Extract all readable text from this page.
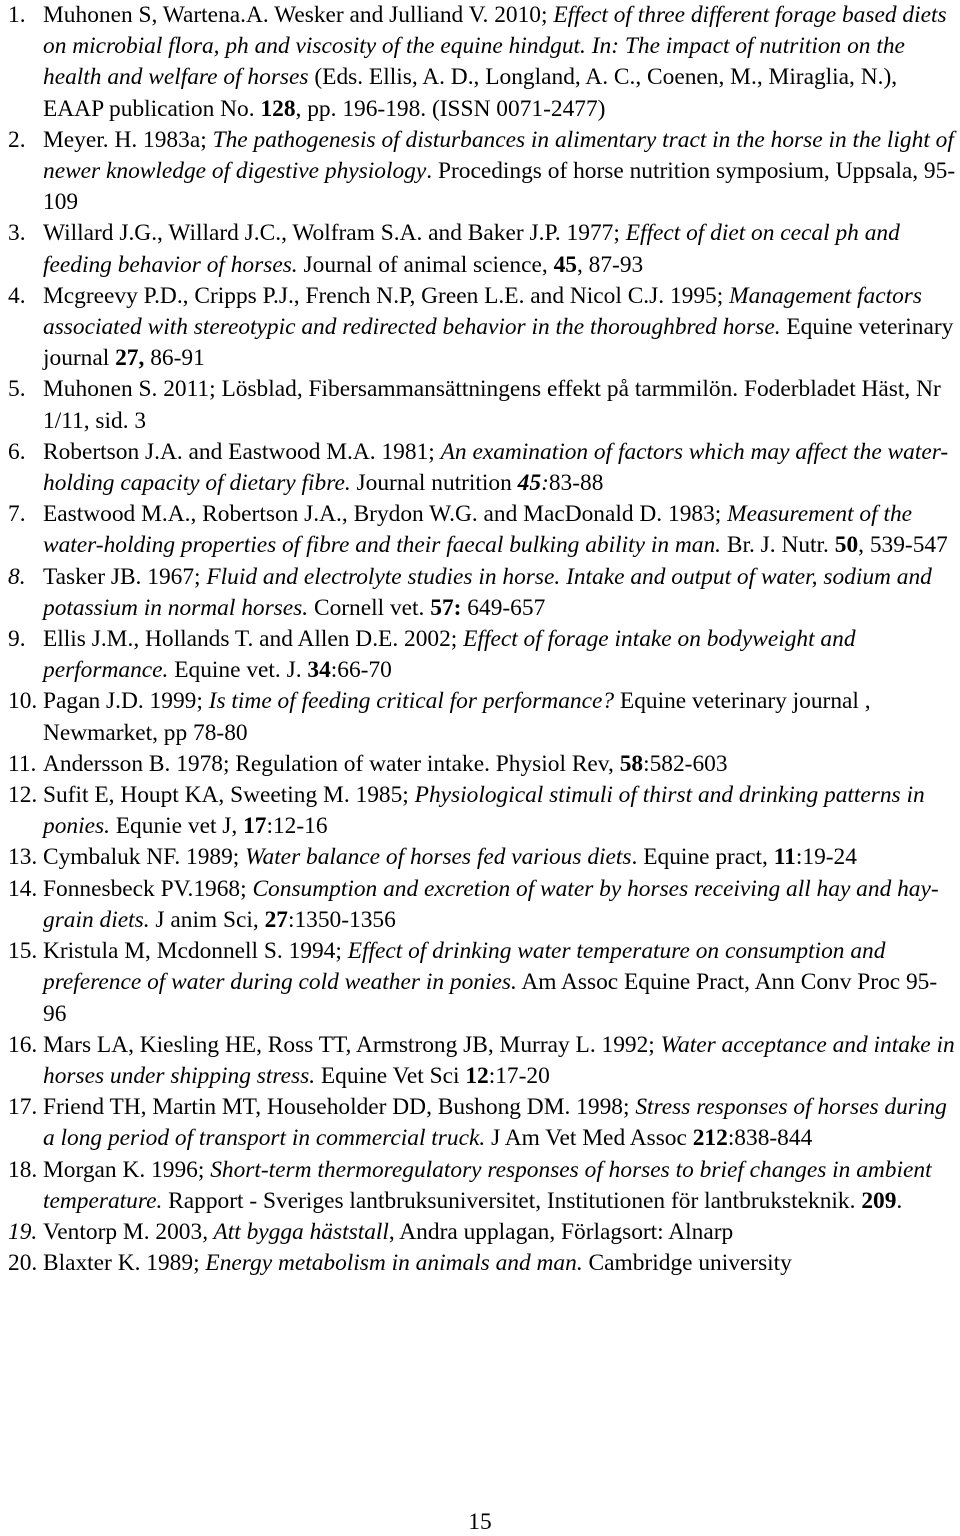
1. Muhonen S, Wartena.A. Wesker and Julliand V. 2010; Effect of three different forage based diets on microbial flora, ph and viscosity of the equine hindgut. In: The impact of nutrition on the health and welfare of horses (Eds. Ellis, A. D., Longland, A. C., Coenen, M., Miraglia, N.), EAAP publication No. 128, pp. 196-198. (ISSN 0071-2477)
2. Meyer. H. 1983a; The pathogenesis of disturbances in alimentary tract in the horse in the light of newer knowledge of digestive physiology. Procedings of horse nutrition symposium, Uppsala, 95-109
3. Willard J.G., Willard J.C., Wolfram S.A. and Baker J.P. 1977; Effect of diet on cecal ph and feeding behavior of horses. Journal of animal science, 45, 87-93
4. Mcgreevy P.D., Cripps P.J., French N.P, Green L.E. and Nicol C.J. 1995; Management factors associated with stereotypic and redirected behavior in the thoroughbred horse. Equine veterinary journal 27, 86-91
5. Muhonen S. 2011; Lösblad, Fibersammansättningens effekt på tarmmilön. Foderbladet Häst, Nr 1/11, sid. 3
6. Robertson J.A. and Eastwood M.A. 1981; An examination of factors which may affect the water-holding capacity of dietary fibre. Journal nutrition 45:83-88
7. Eastwood M.A., Robertson J.A., Brydon W.G. and MacDonald D. 1983; Measurement of the water-holding properties of fibre and their faecal bulking ability in man. Br. J. Nutr. 50, 539-547
8. Tasker JB. 1967; Fluid and electrolyte studies in horse. Intake and output of water, sodium and potassium in normal horses. Cornell vet. 57: 649-657
9. Ellis J.M., Hollands T. and Allen D.E. 2002; Effect of forage intake on bodyweight and performance. Equine vet. J. 34:66-70
10. Pagan J.D. 1999; Is time of feeding critical for performance? Equine veterinary journal , Newmarket, pp 78-80
11. Andersson B. 1978; Regulation of water intake. Physiol Rev, 58:582-603
12. Sufit E, Houpt KA, Sweeting M. 1985; Physiological stimuli of thirst and drinking patterns in ponies. Equnie vet J, 17:12-16
13. Cymbaluk NF. 1989; Water balance of horses fed various diets. Equine pract, 11:19-24
14. Fonnesbeck PV.1968; Consumption and excretion of water by horses receiving all hay and hay-grain diets. J anim Sci, 27:1350-1356
15. Kristula M, Mcdonnell S. 1994; Effect of drinking water temperature on consumption and preference of water during cold weather in ponies. Am Assoc Equine Pract, Ann Conv Proc 95-96
16. Mars LA, Kiesling HE, Ross TT, Armstrong JB, Murray L. 1992; Water acceptance and intake in horses under shipping stress. Equine Vet Sci 12:17-20
17. Friend TH, Martin MT, Householder DD, Bushong DM. 1998; Stress responses of horses during a long period of transport in commercial truck. J Am Vet Med Assoc 212:838-844
18. Morgan K. 1996; Short-term thermoregulatory responses of horses to brief changes in ambient temperature. Rapport - Sveriges lantbruksuniversitet, Institutionen för lantbruksteknik. 209.
19. Ventorp M. 2003, Att bygga häststall, Andra upplagan, Förlagsort: Alnarp
20. Blaxter K. 1989; Energy metabolism in animals and man. Cambridge university
15
